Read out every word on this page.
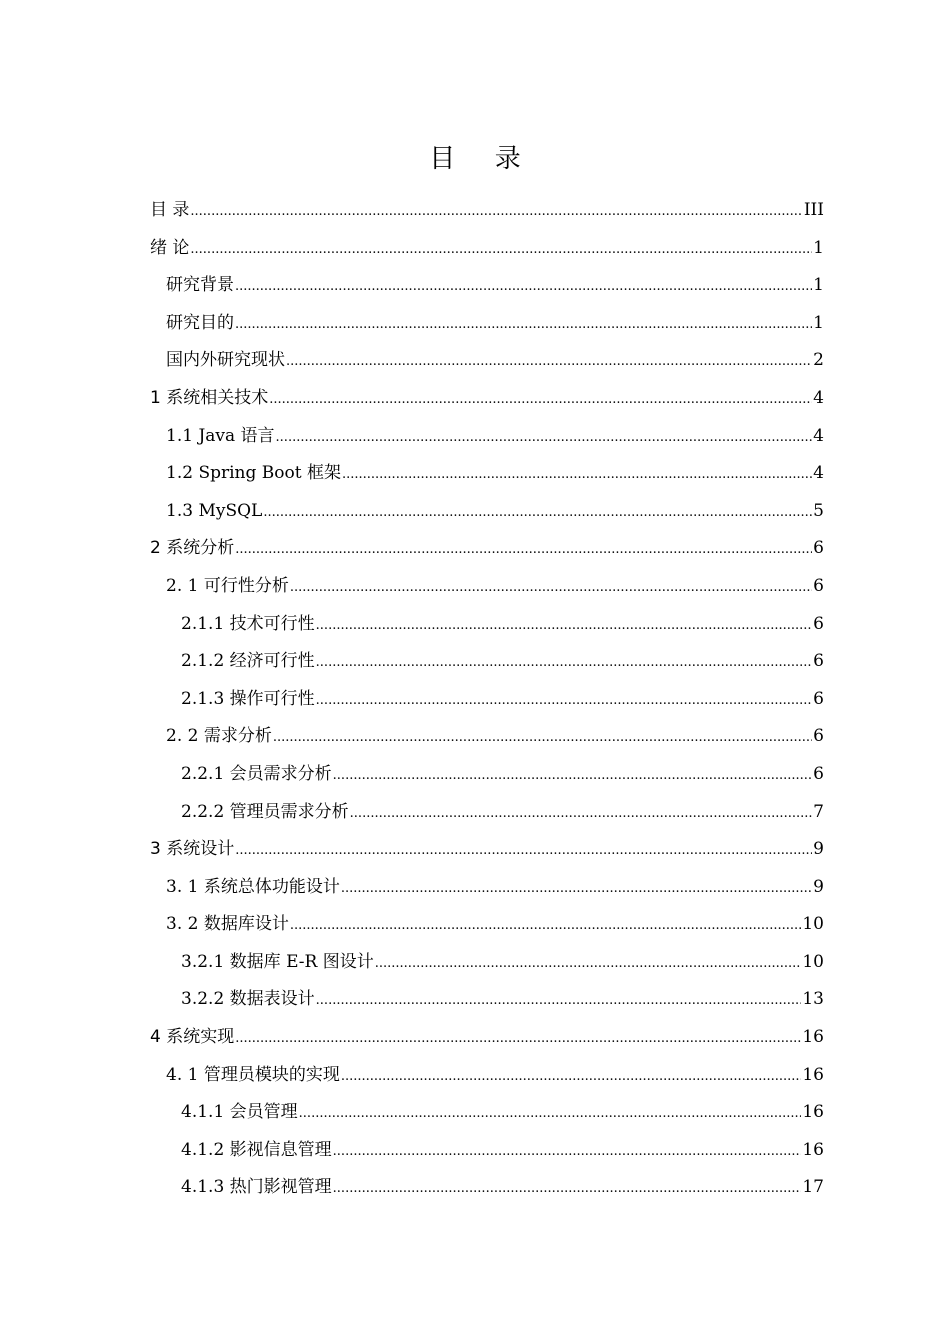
目 录
目 录 .....	III
绪 论 .....	1
研究背景 .....	1
研究目的 .....	1
国内外研究现状 .....	2
1 系统相关技术 .....	4
1.1 Java 语言 .....	4
1.2 Spring Boot 框架 .....	4
1.3 MySQL .....	5
2 系统分析 .....	6
2. 1 可行性分析 .....	6
2.1.1 技术可行性 .....	6
2.1.2 经济可行性 .....	6
2.1.3 操作可行性 .....	6
2. 2 需求分析 .....	6
2.2.1 会员需求分析 .....	6
2.2.2 管理员需求分析 .....	7
3 系统设计 .....	9
3. 1 系统总体功能设计 .....	9
3. 2 数据库设计 .....	10
3.2.1 数据库 E-R 图设计 .....	10
3.2.2 数据表设计 .....	13
4 系统实现 .....	16
4. 1 管理员模块的实现 .....	16
4.1.1 会员管理 .....	16
4.1.2 影视信息管理 .....	16
4.1.3 热门影视管理 .....	17
